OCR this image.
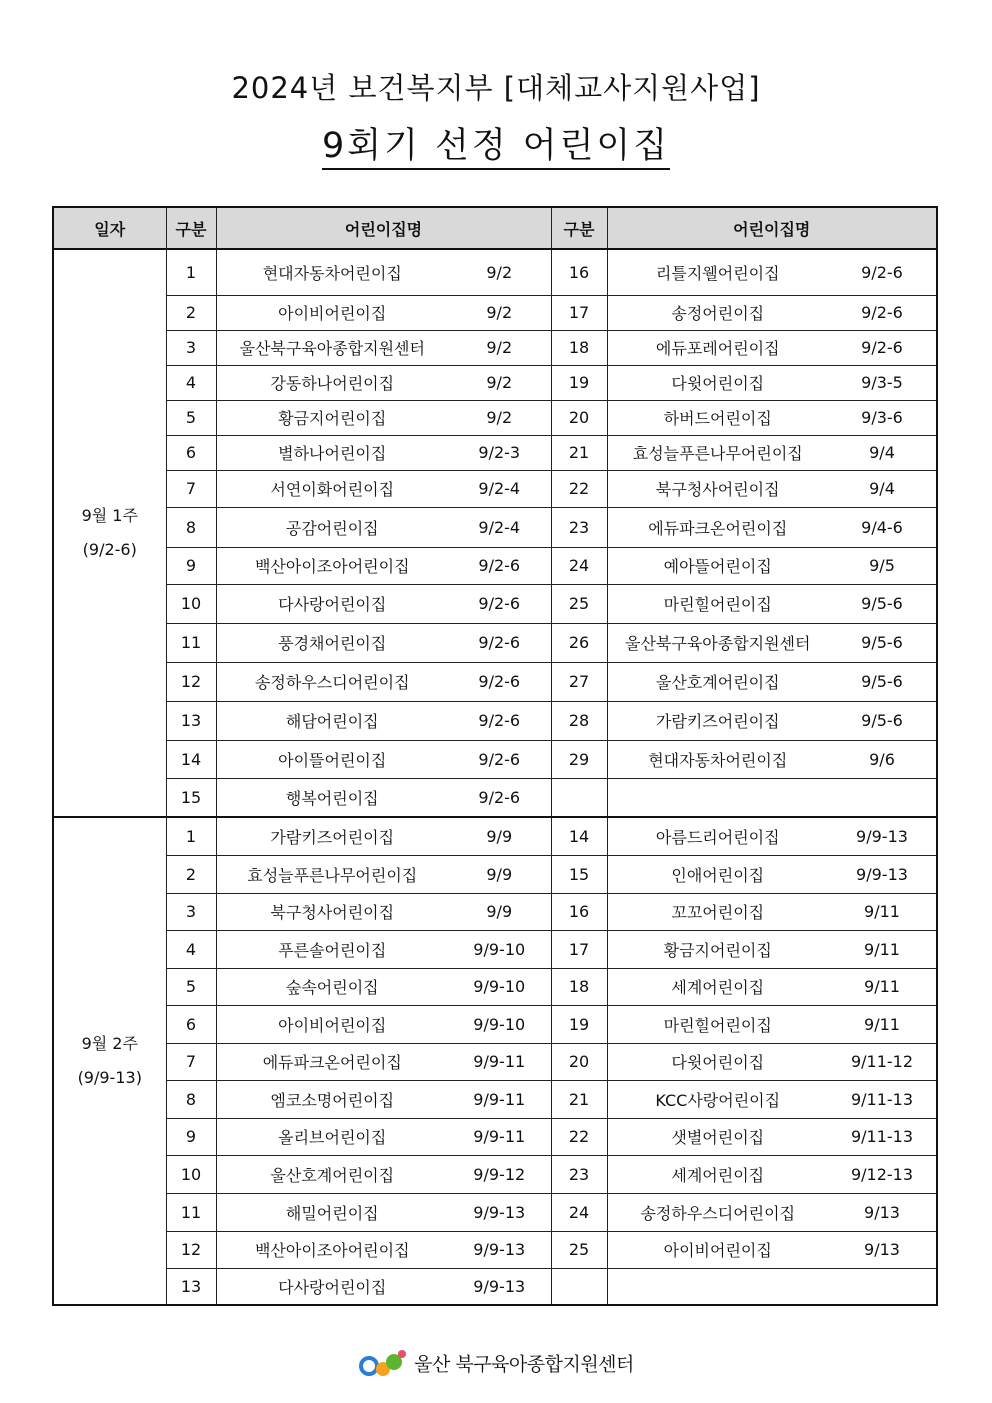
2024년 보건복지부 [대체교사지원사업]
9회기 선정 어린이집
일자	구분	어린이집명		구분	어린이집명	

9월 1주
(9/2-6)	1	현대자동차어린이집	9/2	16	리틀지웰어린이집	9/2-6
	2	아이비어린이집	9/2	17	송정어린이집	9/2-6
	3	울산북구육아종합지원센터	9/2	18	에듀포레어린이집	9/2-6
	4	강동하나어린이집	9/2	19	다윗어린이집	9/3-5
	5	황금지어린이집	9/2	20	하버드어린이집	9/3-6
	6	별하나어린이집	9/2-3	21	효성늘푸른나무어린이집	9/4
	7	서연이화어린이집	9/2-4	22	북구청사어린이집	9/4
	8	공감어린이집	9/2-4	23	에듀파크온어린이집	9/4-6
	9	백산아이조아어린이집	9/2-6	24	예아뜰어린이집	9/5
	10	다사랑어린이집	9/2-6	25	마린힐어린이집	9/5-6
	11	풍경채어린이집	9/2-6	26	울산북구육아종합지원센터	9/5-6
	12	송정하우스디어린이집	9/2-6	27	울산호계어린이집	9/5-6
	13	해담어린이집	9/2-6	28	가람키즈어린이집	9/5-6
	14	아이뜰어린이집	9/2-6	29	현대자동차어린이집	9/6
	15	행복어린이집	9/2-6			

9월 2주
(9/9-13)	1	가람키즈어린이집	9/9	14	아름드리어린이집	9/9-13
	2	효성늘푸른나무어린이집	9/9	15	인애어린이집	9/9-13
	3	북구청사어린이집	9/9	16	꼬꼬어린이집	9/11
	4	푸른솔어린이집	9/9-10	17	황금지어린이집	9/11
	5	숲속어린이집	9/9-10	18	세계어린이집	9/11
	6	아이비어린이집	9/9-10	19	마린힐어린이집	9/11
	7	에듀파크온어린이집	9/9-11	20	다윗어린이집	9/11-12
	8	엠코소명어린이집	9/9-11	21	KCC사랑어린이집	9/11-13
	9	올리브어린이집	9/9-11	22	샛별어린이집	9/11-13
	10	울산호계어린이집	9/9-12	23	세계어린이집	9/12-13
	11	해밀어린이집	9/9-13	24	송정하우스디어린이집	9/13
	12	백산아이조아어린이집	9/9-13	25	아이비어린이집	9/13
	13	다사랑어린이집	9/9-13			
울산 북구육아종합지원센터
